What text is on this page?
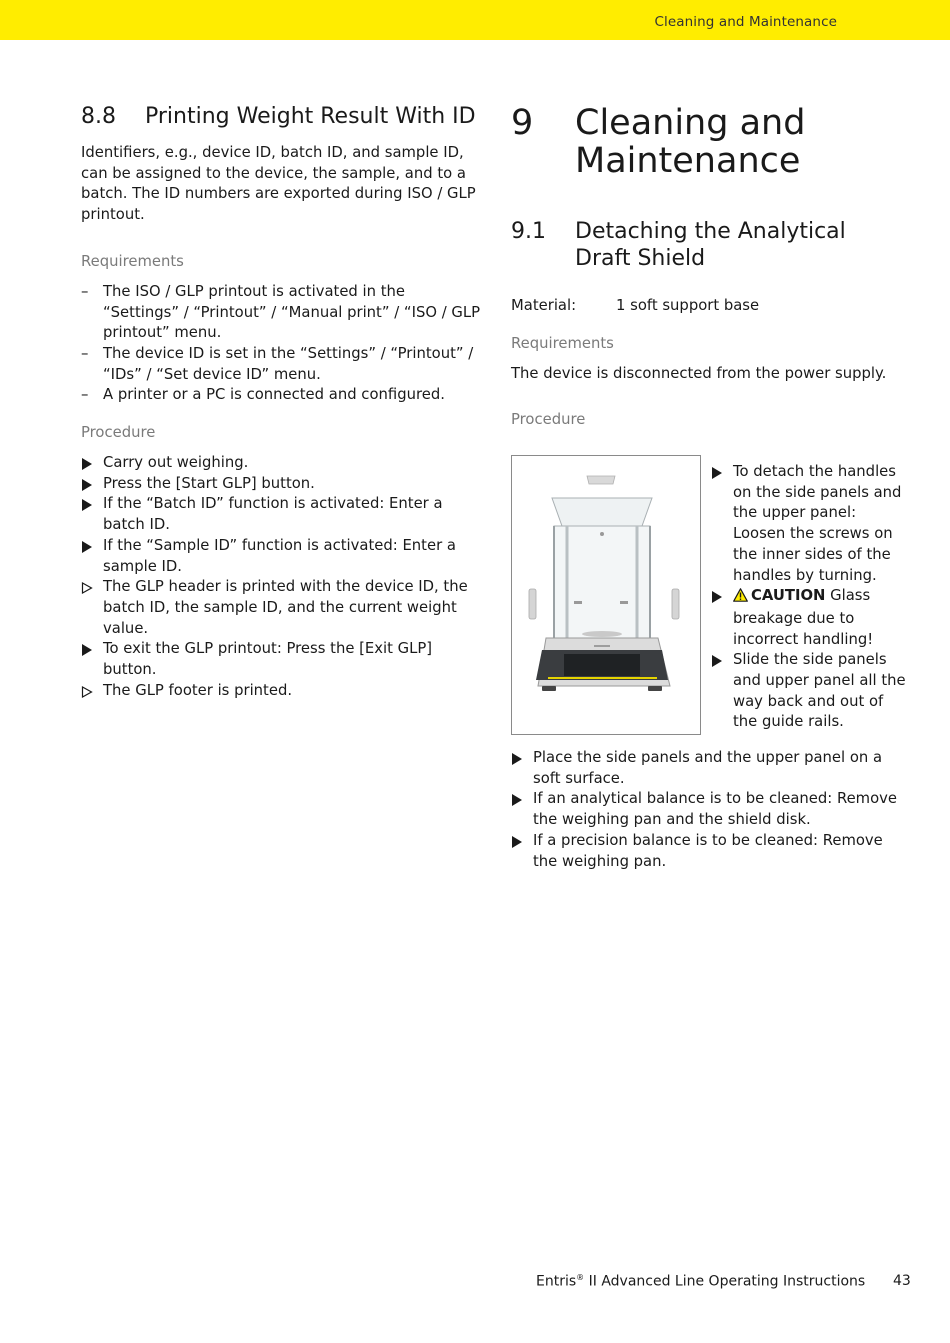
Cleaning and Maintenance
8.8	Printing Weight Result With ID

Identifiers, e.g., device ID, batch ID, and sample ID, can be assigned to the device, the sample, and to a batch. The ID numbers are exported during ISO / GLP printout.

Requirements
– The ISO / GLP printout is activated in the “Settings” / “Printout” / “Manual print” / “ISO / GLP printout” menu.
– The device ID is set in the “Settings” / “Printout” / “IDs” / “Set device ID” menu.
– A printer or a PC is connected and configured.
Procedure
Carry out weighing.
Press the [Start GLP] button.
If the “Batch ID” function is activated: Enter a batch ID.
If the “Sample ID” function is activated: Enter a sample ID.
The GLP header is printed with the device ID, the batch ID, the sample ID, and the current weight value.
To exit the GLP printout: Press the [Exit GLP] button.
The GLP footer is printed.
9	Cleaning and Maintenance
9.1	Detaching the Analytical Draft Shield
Material:	1 soft support base
Requirements

The device is disconnected from the power supply.

Procedure
To detach the handles on the side panels and the upper panel: Loosen the screws on the inner sides of the handles by turning.
CAUTION Glass breakage due to incorrect handling!
Slide the side panels and upper panel all the way back and out of the guide rails.
Place the side panels and the upper panel on a soft surface.
If an analytical balance is to be cleaned: Remove the weighing pan and the shield disk.
If a precision balance is to be cleaned: Remove the weighing pan.
Entris® II Advanced Line Operating Instructions 43
